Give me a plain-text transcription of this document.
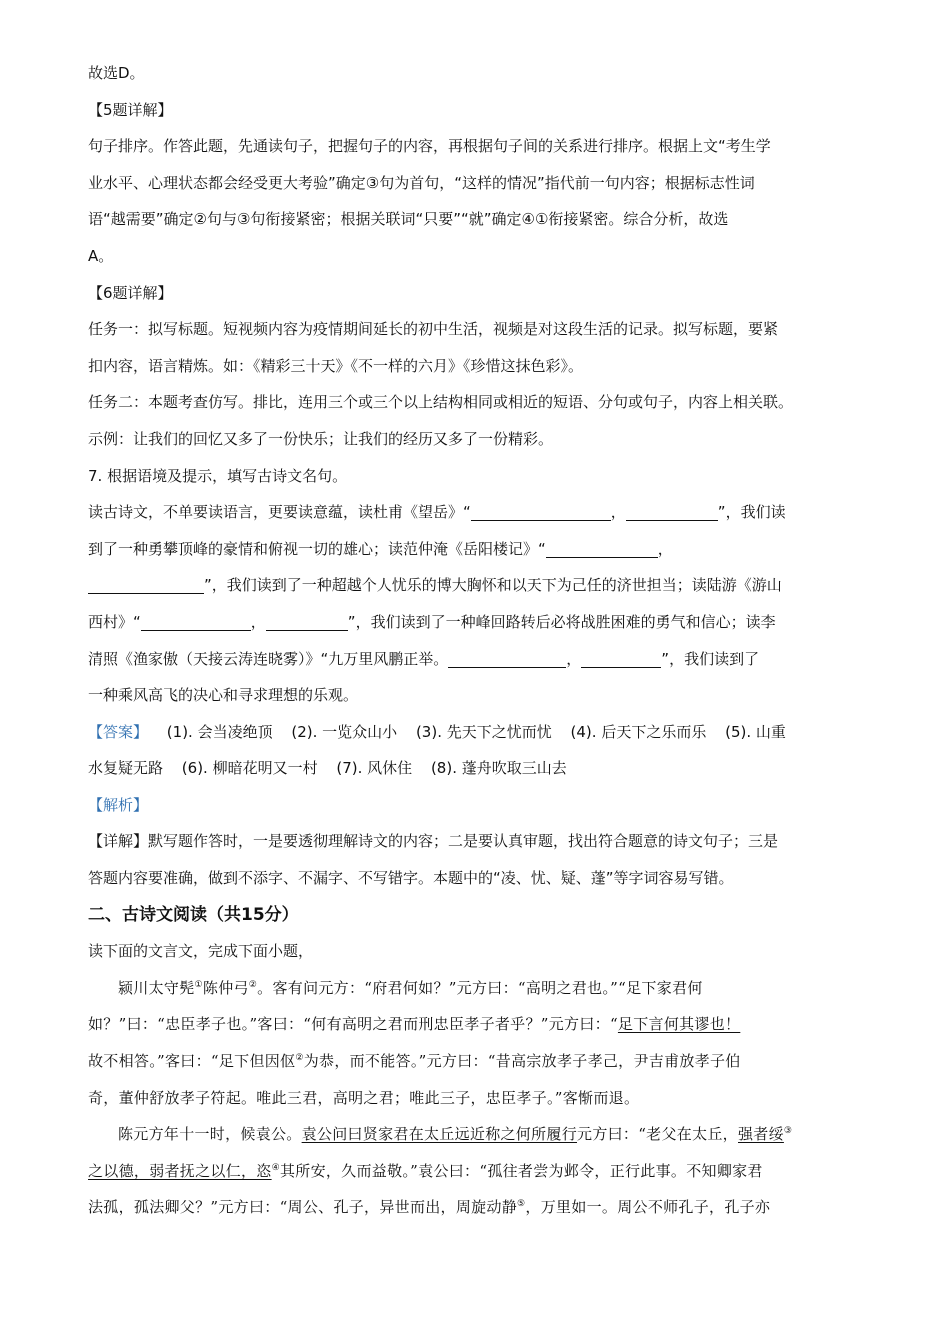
故选D。
【5题详解】
句子排序。作答此题，先通读句子，把握句子的内容，再根据句子间的关系进行排序。根据上文“考生学
业水平、心理状态都会经受更大考验”确定③句为首句，“这样的情况”指代前一句内容；根据标志性词
语“越需要”确定②句与③句衔接紧密；根据关联词“只要”“就”确定④①衔接紧密。综合分析，故选
A。
【6题详解】
任务一：拟写标题。短视频内容为疫情期间延长的初中生活，视频是对这段生活的记录。拟写标题，要紧
扣内容，语言精炼。如：《精彩三十天》《不一样的六月》《珍惜这抹色彩》。
任务二：本题考查仿写。排比，连用三个或三个以上结构相同或相近的短语、分句或句子，内容上相关联。
示例：让我们的回忆又多了一份快乐；让我们的经历又多了一份精彩。
7. 根据语境及提示，填写古诗文名句。
读古诗文，不单要读语言，更要读意蕴，读杜甫《望岳》“	，	”，我们读
到了一种勇攀顶峰的豪情和俯视一切的雄心；读范仲淹《岳阳楼记》“	，
”，我们读到了一种超越个人忧乐的博大胸怀和以天下为己任的济世担当；读陆游《游山
西村》“	，	”，我们读到了一种峰回路转后必将战胜困难的勇气和信心；读李
清照《渔家傲（天接云涛连晓雾）》“九万里风鹏正举。	，	”，我们读到了
一种乘风高飞的决心和寻求理想的乐观。
【答案】 (1). 会当凌绝顶 (2). 一览众山小 (3). 先天下之忧而忧 (4). 后天下之乐而乐 (5). 山重
水复疑无路 (6). 柳暗花明又一村 (7). 风休住 (8). 蓬舟吹取三山去
【解析】
【详解】默写题作答时，一是要透彻理解诗文的内容；二是要认真审题，找出符合题意的诗文句子；三是
答题内容要准确，做到不添字、不漏字、不写错字。本题中的“凌、忧、疑、蓬”等字词容易写错。
二、古诗文阅读（共15分）
读下面的文言文，完成下面小题，
颍川太守髡①陈仲弓②。客有问元方：“府君何如？”元方曰：“高明之君也。”“足下家君何
如？”曰：“忠臣孝子也。”客曰：“何有高明之君而刑忠臣孝子者乎？”元方曰：“足下言何其谬也！
故不相答。”客曰：“足下但因伛②为恭，而不能答。”元方曰：“昔高宗放孝子孝己，尹吉甫放孝子伯
奇，董仲舒放孝子符起。唯此三君，高明之君；唯此三子，忠臣孝子。”客惭而退。
陈元方年十一时，候袁公。袁公问曰贤家君在太丘远近称之何所履行元方曰：“老父在太丘，强者绥③
之以德，弱者抚之以仁，恣④其所安，久而益敬。”袁公曰：“孤往者尝为邺令，正行此事。不知卿家君
法孤，孤法卿父？”元方曰：“周公、孔子，异世而出，周旋动静⑤，万里如一。周公不师孔子，孔子亦
